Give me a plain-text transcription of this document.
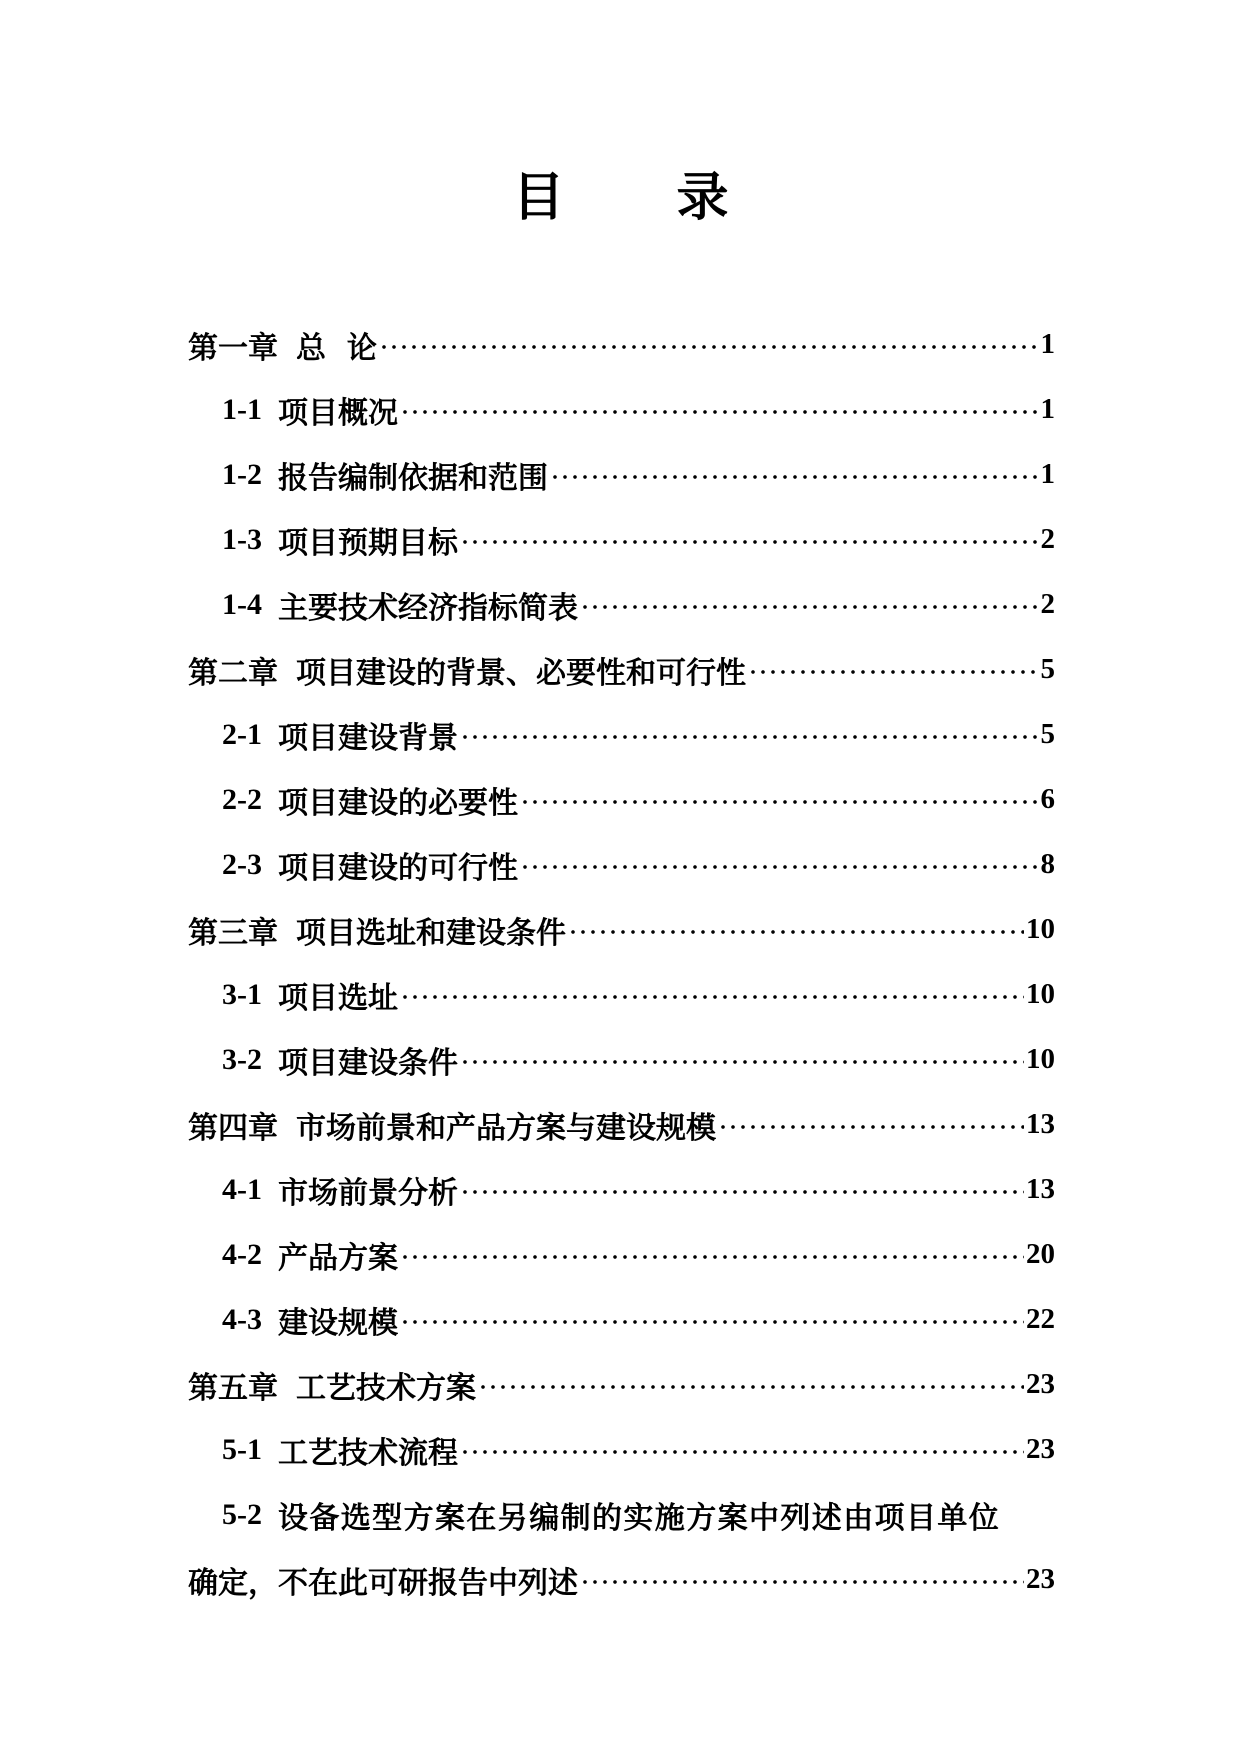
目 录
第一章 总  论	1
1-1 项目概况	1
1-2 报告编制依据和范围	1
1-3 项目预期目标	2
1-4 主要技术经济指标简表	2
第二章 项目建设的背景、必要性和可行性	5
2-1 项目建设背景	5
2-2 项目建设的必要性	6
2-3 项目建设的可行性	8
第三章 项目选址和建设条件	10
3-1 项目选址	10
3-2 项目建设条件	10
第四章 市场前景和产品方案与建设规模	13
4-1 市场前景分析	13
4-2 产品方案	20
4-3 建设规模	22
第五章 工艺技术方案	23
5-1 工艺技术流程	23
5-2 设备选型方案在另编制的实施方案中列述由项目单位
确定，不在此可研报告中列述	23
